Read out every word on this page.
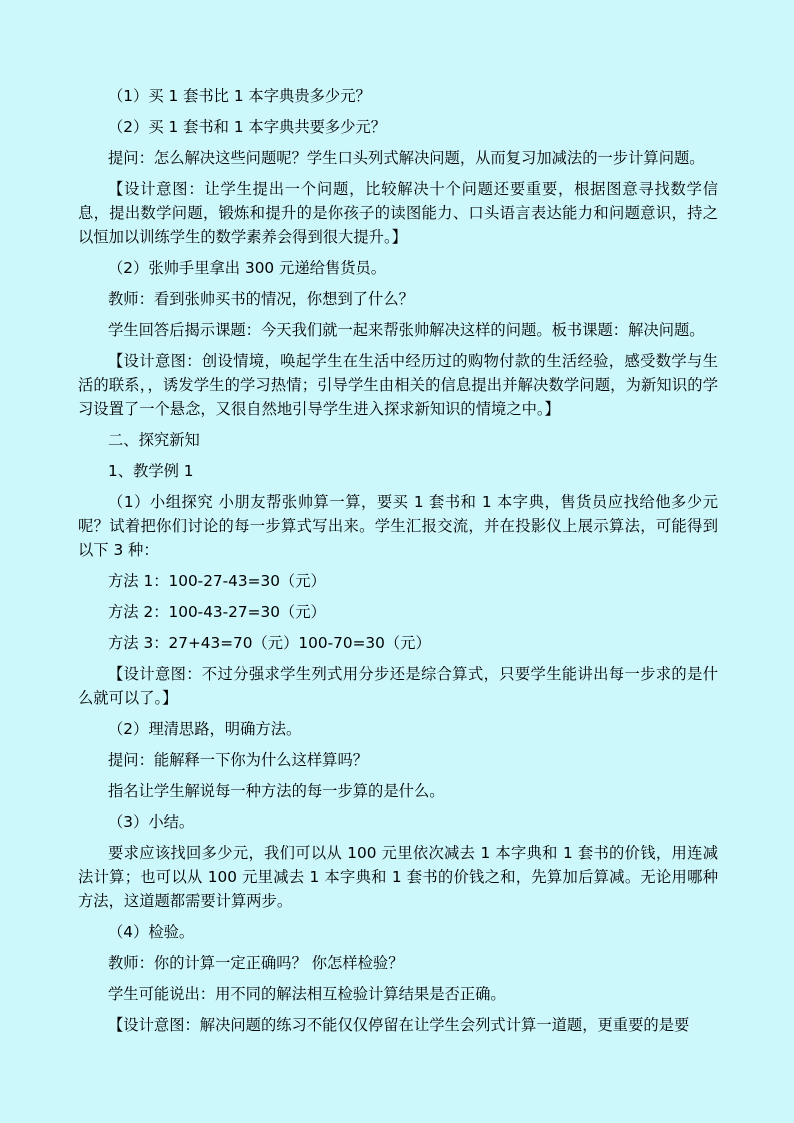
（1）买 1 套书比 1 本字典贵多少元？

（2）买 1 套书和 1 本字典共要多少元？

提问：怎么解决这些问题呢？学生口头列式解决问题，从而复习加减法的一步计算问题。

【设计意图：让学生提出一个问题，比较解决十个问题还要重要，根据图意寻找数学信息，提出数学问题，锻炼和提升的是你孩子的读图能力、口头语言表达能力和问题意识，持之以恒加以训练学生的数学素养会得到很大提升。】

（2）张帅手里拿出 300 元递给售货员。

教师：看到张帅买书的情况，你想到了什么？

学生回答后揭示课题：今天我们就一起来帮张帅解决这样的问题。板书课题：解决问题。

【设计意图：创设情境，唤起学生在生活中经历过的购物付款的生活经验，感受数学与生活的联系，，诱发学生的学习热情；引导学生由相关的信息提出并解决数学问题，为新知识的学习设置了一个悬念，又很自然地引导学生进入探求新知识的情境之中。】

二、探究新知

1、教学例 1

（1）小组探究 小朋友帮张帅算一算，要买 1 套书和 1 本字典，售货员应找给他多少元呢？试着把你们讨论的每一步算式写出来。学生汇报交流，并在投影仪上展示算法，可能得到以下 3 种：

方法 1：100-27-43=30（元）

方法 2：100-43-27=30（元）

方法 3：27+43=70（元）100-70=30（元）

【设计意图：不过分强求学生列式用分步还是综合算式，只要学生能讲出每一步求的是什么就可以了。】

（2）理清思路，明确方法。

提问：能解释一下你为什么这样算吗？

指名让学生解说每一种方法的每一步算的是什么。

（3）小结。

要求应该找回多少元，我们可以从 100 元里依次减去 1 本字典和 1 套书的价钱，用连减法计算；也可以从 100 元里减去 1 本字典和 1 套书的价钱之和，先算加后算减。无论用哪种方法，这道题都需要计算两步。

（4）检验。

教师：你的计算一定正确吗？ 你怎样检验？

学生可能说出：用不同的解法相互检验计算结果是否正确。

【设计意图：解决问题的练习不能仅仅停留在让学生会列式计算一道题，更重要的是要
